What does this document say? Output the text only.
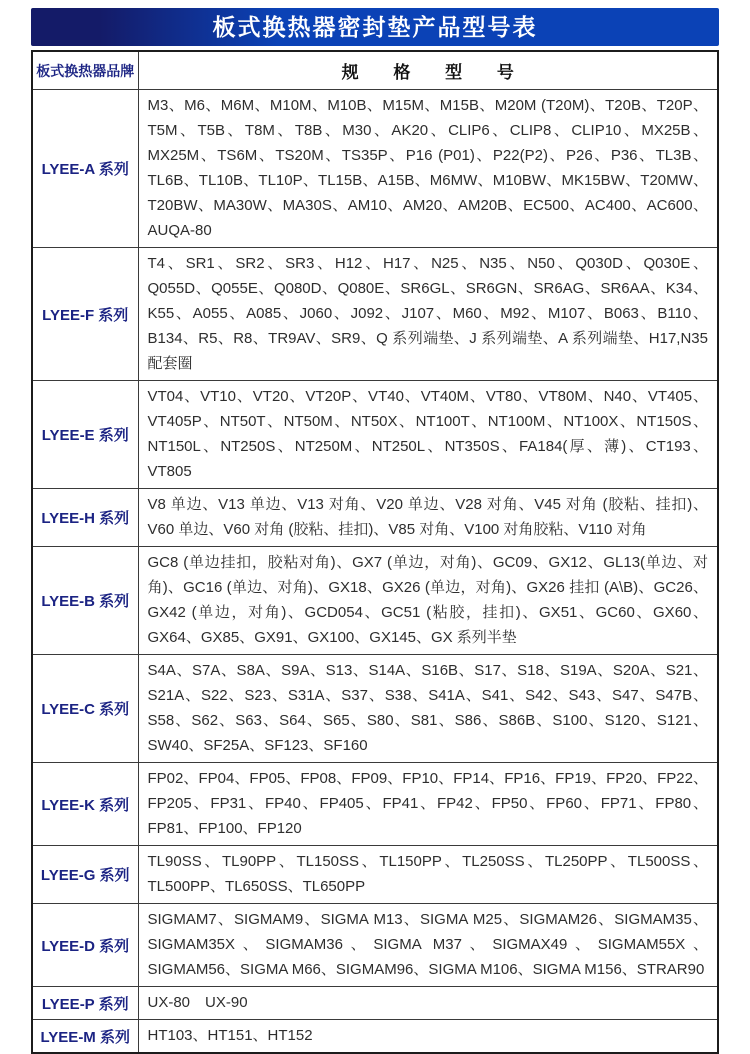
板式换热器密封垫产品型号表
板式换热器品牌	规 格 型 号
LYEE-A 系列	M3、M6、M6M、M10M、M10B、M15M、M15B、M20M (T20M)、T20B、T20P、T5M、T5B、T8M、T8B、M30、AK20、CLIP6、CLIP8、CLIP10、MX25B、MX25M、TS6M、TS20M、TS35P、P16 (P01)、P22(P2)、P26、P36、TL3B、TL6B、TL10B、TL10P、TL15B、A15B、M6MW、M10BW、MK15BW、T20MW、T20BW、MA30W、MA30S、AM10、AM20、AM20B、EC500、AC400、AC600、AUQA-80
LYEE-F 系列	T4、SR1、SR2、SR3、H12、H17、N25、N35、N50、Q030D、Q030E、Q055D、Q055E、Q080D、Q080E、SR6GL、SR6GN、SR6AG、SR6AA、K34、K55、A055、A085、J060、J092、J107、M60、M92、M107、B063、B110、B134、R5、R8、TR9AV、SR9、Q 系列端垫、J 系列端垫、A 系列端垫、H17,N35 配套圈
LYEE-E 系列	VT04、VT10、VT20、VT20P、VT40、VT40M、VT80、VT80M、N40、VT405、VT405P、NT50T、NT50M、NT50X、NT100T、NT100M、NT100X、NT150S、NT150L、NT250S、NT250M、NT250L、NT350S、FA184(厚、薄)、CT193、VT805
LYEE-H 系列	V8 单边、V13 单边、V13 对角、V20 单边、V28 对角、V45 对角 (胶粘、挂扣)、V60 单边、V60 对角 (胶粘、挂扣)、V85 对角、V100 对角胶粘、V110 对角
LYEE-B 系列	GC8 (单边挂扣，胶粘对角)、GX7 (单边，对角)、GC09、GX12、GL13(单边、对角)、GC16 (单边、对角)、GX18、GX26 (单边，对角)、GX26 挂扣 (A\B)、GC26、GX42 (单边，对角)、GCD054、GC51 (粘胶，挂扣)、GX51、GC60、GX60、GX64、GX85、GX91、GX100、GX145、GX 系列半垫
LYEE-C 系列	S4A、S7A、S8A、S9A、S13、S14A、S16B、S17、S18、S19A、S20A、S21、S21A、S22、S23、S31A、S37、S38、S41A、S41、S42、S43、S47、S47B、S58、S62、S63、S64、S65、S80、S81、S86、S86B、S100、S120、S121、SW40、SF25A、SF123、SF160
LYEE-K 系列	FP02、FP04、FP05、FP08、FP09、FP10、FP14、FP16、FP19、FP20、FP22、FP205、FP31、FP40、FP405、FP41、FP42、FP50、FP60、FP71、FP80、FP81、FP100、FP120
LYEE-G 系列	TL90SS、TL90PP、TL150SS、TL150PP、TL250SS、TL250PP、TL500SS、TL500PP、TL650SS、TL650PP
LYEE-D 系列	SIGMAM7、SIGMAM9、SIGMA M13、SIGMA M25、SIGMAM26、SIGMAM35、SIGMAM35X、SIGMAM36、SIGMA M37、SIGMAX49、SIGMAM55X、SIGMAM56、SIGMA M66、SIGMAM96、SIGMA M106、SIGMA M156、STRAR90
LYEE-P 系列	UX-80　UX-90
LYEE-M 系列	HT103、HT151、HT152
